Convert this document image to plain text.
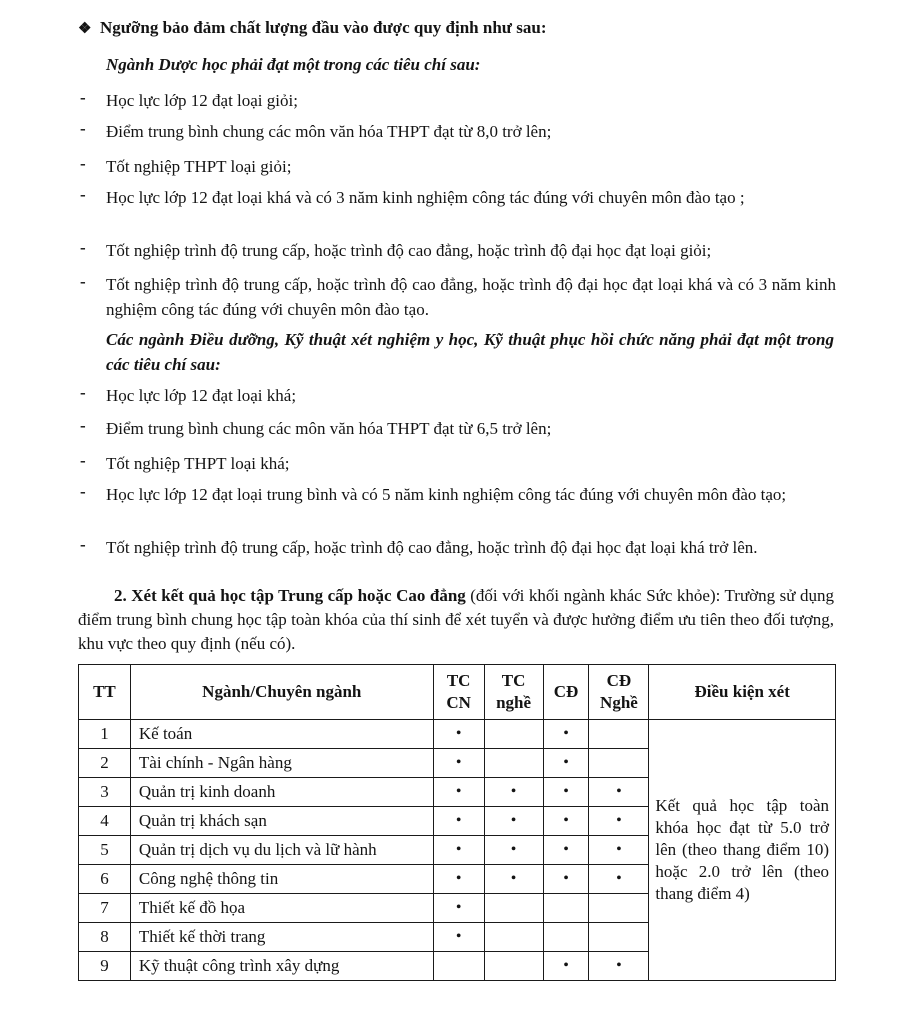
❖ Ngưỡng bảo đảm chất lượng đầu vào được quy định như sau:
Ngành Dược học phải đạt một trong các tiêu chí sau:
-	Học lực lớp 12 đạt loại giỏi;
-	Điểm trung bình chung các môn văn hóa THPT đạt từ 8,0 trở lên;
-	Tốt nghiệp THPT loại giỏi;
-	Học lực lớp 12 đạt loại khá và có 3 năm kinh nghiệm công tác đúng với chuyên môn đào tạo ;
-	Tốt nghiệp trình độ trung cấp, hoặc trình độ cao đẳng, hoặc trình độ đại học đạt loại giỏi;
-	Tốt nghiệp trình độ trung cấp, hoặc trình độ cao đẳng, hoặc trình độ đại học đạt loại khá và có 3 năm kinh nghiệm công tác đúng với chuyên môn đào tạo.
Các ngành Điều dưỡng, Kỹ thuật xét nghiệm y học, Kỹ thuật phục hồi chức năng phải đạt một trong các tiêu chí sau:
-	Học lực lớp 12 đạt loại khá;
-	Điểm trung bình chung các môn văn hóa THPT đạt từ 6,5 trở lên;
-	Tốt nghiệp THPT loại khá;
-	Học lực lớp 12 đạt loại trung bình và có 5 năm kinh nghiệm công tác đúng với chuyên môn đào tạo;
-	Tốt nghiệp trình độ trung cấp, hoặc trình độ cao đẳng, hoặc trình độ đại học đạt loại khá trở lên.
2. Xét kết quả học tập Trung cấp hoặc Cao đẳng (đối với khối ngành khác Sức khỏe): Trường sử dụng điểm trung bình chung học tập toàn khóa của thí sinh để xét tuyển và được hưởng điểm ưu tiên theo đối tượng, khu vực theo quy định (nếu có).
TT	Ngành/Chuyên ngành	TC CN	TC nghề	CĐ	CĐ Nghề	Điều kiện xét
1	Kế toán	•		•		Kết quả học tập toàn khóa học đạt từ 5.0 trở lên (theo thang điểm 10) hoặc 2.0 trở lên (theo thang điểm 4)
2	Tài chính - Ngân hàng	•		•		
3	Quản trị kinh doanh	•	•	•	•	
4	Quản trị khách sạn	•	•	•	•	
5	Quản trị dịch vụ du lịch và lữ hành	•	•	•	•	
6	Công nghệ thông tin	•	•	•	•	
7	Thiết kế đồ họa	•				
8	Thiết kế thời trang	•				
9	Kỹ thuật công trình xây dựng			•	•	
